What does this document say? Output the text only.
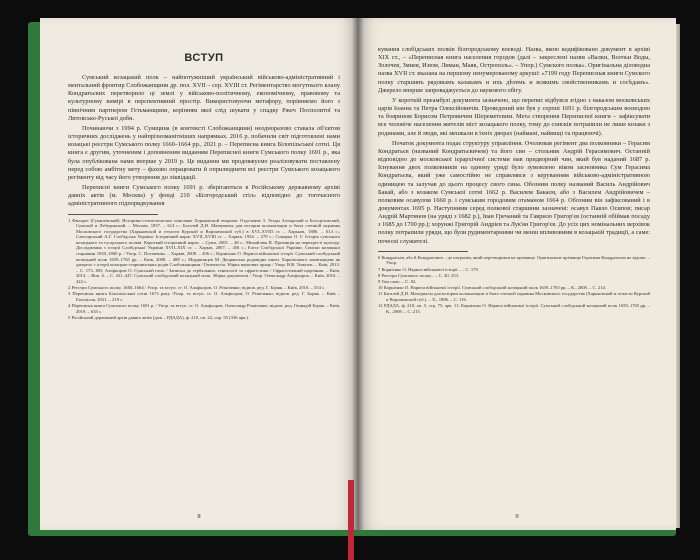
ВСТУП

Сумський козацький полк – найпотужніший український військово-адміністративний і ментальний фронтир Слобожанщини др. пол. XVII – сер. XVIII ст. Регіментарство могутнього клану Кондратьєвих перетворило ці землі у військово-політичному, економічному, правовому та культурному вимірі в перспективний простір. Використовуючи метафору, порівняємо його з північним партнером Гетьманщини, корінням якої слід шукати у спадку Ржеч Посполитої та Литовсько-Руської доби.

Починаючи з 1994 р. Сумщина (в контексті Слобожанщини) неодноразово ставала об'єктом історичних досліджень у найпрізноманітніших напрямках. 2016 р. побачили світ підготовлені нами козацькі реєстри Сумського полку 1660–1664 рр., 2021 р. – Переписна книга Білопільської сотні. Ця книга є другим, уточненим і доповненим виданням Переписної книги Сумського полку 1691 р., яка була опублікована нами вперше у 2019 р. Це видання ми продовжуємо реалізовувати поставлену перед собою амбітну мету – фахово опрацювати й оприлюднити всі реєстри Сумського козацького регіменту від часу його утворення до ліквідації.

Переписні книги Сумського полку 1691 р. зберігаються в Російському державному архіві давніх актів (м. Москва) у фонді 210 «Білгородський стіл» відповідно до тогочасного адміністративного підпорядкування

1 Филарет (Гумилевский). Историко-статистическое описание Харьковской епархии. Отделение 3. Уезды Ахтырский и Богодуховский, Сумской и Лебединский. – Москва, 1857. – 614 с.; Багалей Д.И. Материалы для истории колонизации и быта степной окраины Московского государства (Харьковской и отчасти Курской и Воронежской губ.) в XVI–XVIII ст. – Харьков, 1886. – 614 с.; Слюсарський А.Г. Слобідська Україна: Історичний нарис XVII–XVIII ст. – Харків, 1954. – 279 с.; Сокирко О. Г. Історія сумського козацького та гусарського полків. Короткий історичний нарис. – Суми, 2005. – 48 с.; Михайлюк В. Провінція на перехресті культур. Дослідження з історії Слобідської України XVII–XIX ст. – Харків, 2007. – 456 с.; Еліта Слобідської України. Списки козацької старшини 1650–1800 р. / Упор. С. Потапенко. – Харків, 2008. – 496 с.; Корнієнко О. Нариси військової історії. Сумський слобідський козацький полк 1659–1765 рр. – Київ, 2008. – 488 с.; Мордвинцев М. Дворянська родовідна книга Харківського намісництва як джерело з історії козацько-старшинських родів Слобожанщини / Генеалогія. Збірка наукових праць / Упор. В.В. Томазов. – Київ, 2013. – С. 175–180; Альфьоров О. Сумський полк / Записки до гербальних, генеалогії та сфрагістики / Сфрагістичний щорічник. – Київ, 2014. – Вип. 6. – С. 431–447; Сумський слобідський козацький полк. Збірка документів / Упор. Олександр Альфьоров. – Київ, 2016. – 422 с.

2 Реєстри Сумського полку. 1660–1664 / Упор. та вступ. ст. О. Альфьоров, О. Різніченко; відпов. ред. Г. Боряк. – Київ, 2016. – 554 с.

3 Переписна книга Білопільської сотні 1673 року /Упор. та вступ. ст. О. Альфьоров, О. Різніченко; відпов. ред. Г. Боряк. – Київ – Білопілля, 2021. – 219 с.

4 Переписна книга Сумського полку 1691 р. / Упор. та вступ. ст. О. Альфьоров, Олександр Різніченко; відпов. ред. Геннадій Боряк. – Київ, 2019. – 635 с.

5 Російський державний архів давніх актів (далі – РДАДА), ф. 210, оп. 22, спр. 55 (336 арк.).

8

кування слобідських полків білгородському воєводі. Назва, якою кодифіковано документ в архіві XIX ст., – «Переписная книга населения городов (далі – закреслені назви «Валки, Волчьи Воды, Золочев, Змиев, Изюм, Лиман, Маяк, Острополь». – Упор.) Сумского полка». Оригінальна діловодна назва XVII ст. вказана на першому ненумерованому аркуші: «7199 году Переписныя книги Сумского полку старшинъ рядовымъ казакамъ и ихъ дѣтемъ и всякимъ свойственникамъ и сосѣдамъ». Джерело вперше запроваджується до наукового обігу.

У короткій преамбулі документа зазначено, що перепис відбувся згідно з наказом московських царів Іоанна та Петра Олексійовичів. Проведений він був у серпні 1691 р. білгородським воєводою та боярином Борисом Петровичем Шереметєвим. Мета створення Переписної книги – зафіксувати все чоловіче населення жителів міст козацького полку, тому до списків потрапили не лише козаки з родинами, але й люди, які мешкали в їхніх дворах (наймані, найвищі та працюючі).

Початок документа подає структуру управління. Очолював регімент два полковники – Герасим Кондратьєв (названий Кондратьєвичем) та його син – стольник Андрій Герасимович. Останній відповідно до московської ієрархічної системи мав придворний чин, який був наданий 1687 р. Існування двох полковників на одному уряді було зумовлено віком засновника Сум Герасима Кондратьєва, який уже самостійно не справлявся з керуванням військово-адміністративною одиницею та залучав до цього процесу свого сина. Обозним полку названий Василь Андрійович Бакай, або з козаком Сумської сотні 1662 р. Василем Бакаєм, або з Василем Андрійовичем – полковим осавулом 1660 р. і сумським городовим отаманом 1664 р. Обозним він зафіксований і в документах 1695 р. Наступними серед полкової старшини зазначені: осавул Павло Осипов; писар Андрій Мартинов (на уряді з 1682 р.), Іван Гречаний та Гаврило Григор'єв (останній обіймав посаду з 1685 до 1700 рр.); хорунжі Григорій Андрієв та Лук'ян Григор'єв. До усіх цих номінальних верхівок полку потрапили уряди, що були рудиментарними чи менш впливовими в козацькій традиції, а саме: почесні служителі.

6 Кондратьєв, або й Кондратович – це патронім, який перетворився на прізвище. Оригінальне прізвище Герасима Кондратьєва не відоме. – Упор.

7 Корнієнко О. Нариси військової історії... – С. 179.

8 Реєстри Сумського полку... – С. 40, 353.

9 Там само. – С. 82.

10 Корнієнко О. Нариси військової історії. Сумський слобідський козацький полк 1659–1765 рр. – К., 2008. – С. 214.

11 Багалей Д.И. Материалы для истории колонизации и быта степной окраины Московского государства (Харьковской и отчасти Курской и Воронежской губ.). – Х., 1886. – С. 116.

12 РДАДА, ф. 210, оп. 5, стр. 75, арк. 11; Корнієнко О. Нариси військової історії. Сумський слобідський козацький полк 1659–1765 рр. – К., 2008. – С. 215.

9
